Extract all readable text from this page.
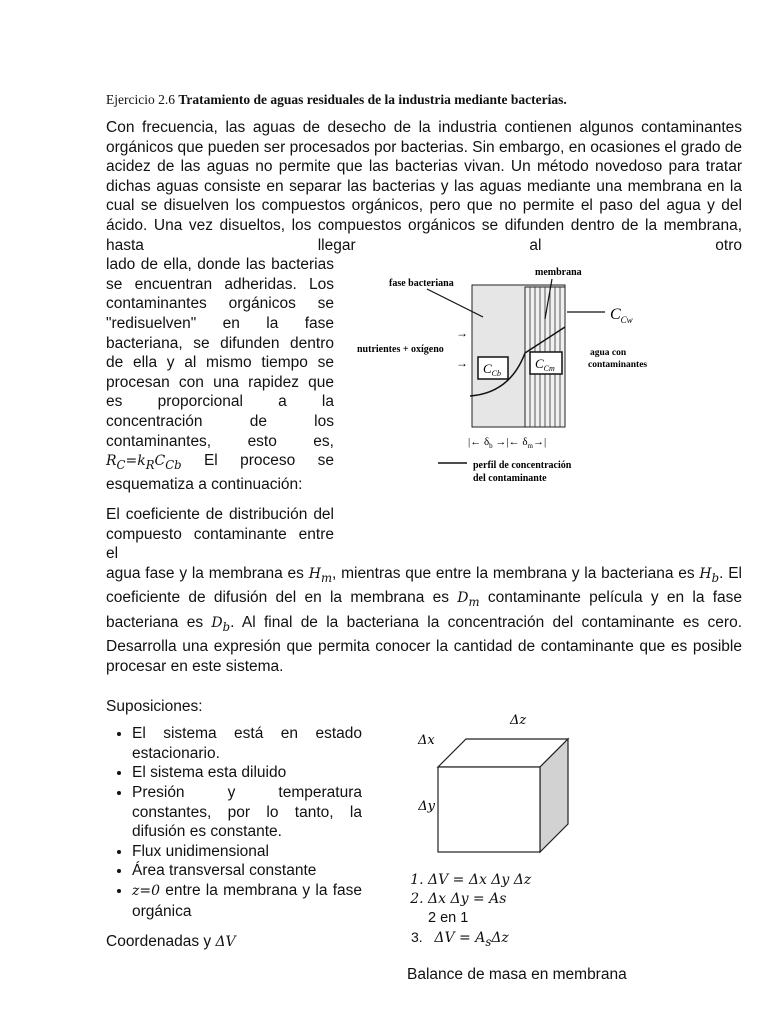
Ejercicio 2.6 Tratamiento de aguas residuales de la industria mediante bacterias.
Con frecuencia, las aguas de desecho de la industria contienen algunos contaminantes orgánicos que pueden ser procesados por bacterias. Sin embargo, en ocasiones el grado de acidez de las aguas no permite que las bacterias vivan. Un método novedoso para tratar dichas aguas consiste en separar las bacterias y las aguas mediante una membrana en la cual se disuelven los compuestos orgánicos, pero que no permite el paso del agua y del ácido. Una vez disueltos, los compuestos orgánicos se difunden dentro de la membrana, hasta llegar al otro
lado de ella, donde las bacterias se encuentran adheridas. Los contaminantes orgánicos se "redisuelven" en la fase bacteriana, se difunden dentro de ella y al mismo tiempo se procesan con una rapidez que es proporcional a la concentración de los contaminantes, esto es, $R_C=k_RC_{Cb}$ El proceso se esquematiza a continuación:
El coeficiente de distribución del compuesto contaminante entre el
fase bacteriana
membrana
nutrientes + oxígeno
→
→ $C_{Cb}$
$C_{Cm}$
$C_{Cw}$
agua con
contaminantes
|← $\delta_b$ →|← $\delta_m\to|$
perfil de concentración
del contaminante
agua fase y la membrana es $H_m$, mientras que entre la membrana y la bacteriana es $H_b$. El coeficiente de difusión del en la membrana es $D_m$ contaminante película y en la fase bacteriana es $D_b$. Al final de la bacteriana la concentración del contaminante es cero. Desarrolla una expresión que permita conocer la cantidad de contaminante que es posible procesar en este sistema.
Suposiciones:
• El sistema está en estado estacionario.
• El sistema esta diluido
• Presión y temperatura constantes, por lo tanto, la difusión es constante.
• Flux unidimensional
• Área transversal constante
• z=0 entre la membrana y la fase orgánica
Coordenadas y ΔV
Δz
Δx
Δy
1. ΔV = Δx Δy Δz
2. Δx Δy = As
2 en 1
3.   $\Delta V = A_s\Delta z$
Balance de masa en membrana
